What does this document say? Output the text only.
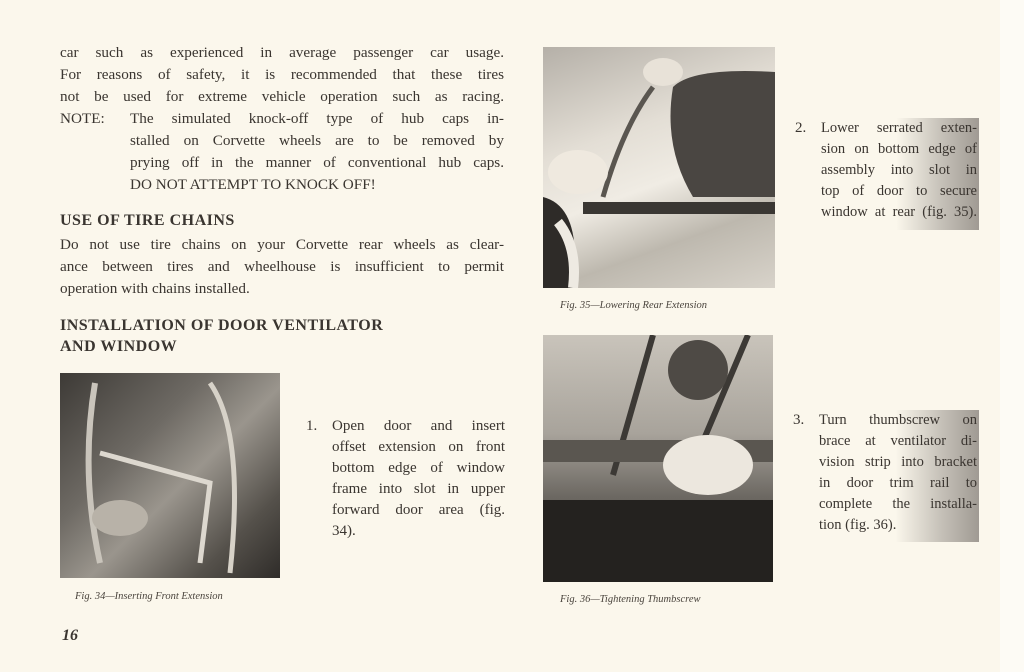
car such as experienced in average passenger car usage.
For reasons of safety, it is recommended that these tires
not be used for extreme vehicle operation such as racing.
NOTE: The simulated knock-off type of hub caps in-
stalled on Corvette wheels are to be removed by
prying off in the manner of conventional hub caps.
DO NOT ATTEMPT TO KNOCK OFF!
USE OF TIRE CHAINS
Do not use tire chains on your Corvette rear wheels as clear-
ance between tires and wheelhouse is insufficient to permit
operation with chains installed.
INSTALLATION OF DOOR VENTILATOR
AND WINDOW
Fig. 34—Inserting Front Extension
1. Open door and insert
offset extension on front
bottom edge of window
frame into slot in upper
forward door area (fig.
34).
Fig. 35—Lowering Rear Extension
2. Lower serrated exten-
sion on bottom edge of
assembly into slot in
top of door to secure
window at rear (fig. 35).
Fig. 36—Tightening Thumbscrew
3. Turn thumbscrew on
brace at ventilator di-
vision strip into bracket
in door trim rail to
complete the installa-
tion (fig. 36).
16
